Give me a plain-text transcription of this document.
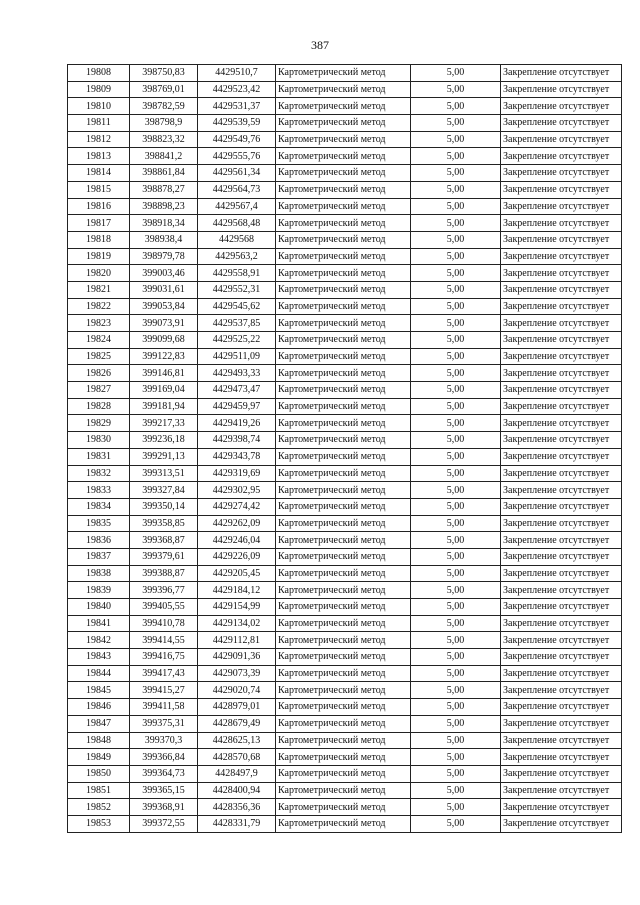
387
19808	398750,83	4429510,7	Картометрический метод	5,00	Закрепление отсутствует
19809	398769,01	4429523,42	Картометрический метод	5,00	Закрепление отсутствует
19810	398782,59	4429531,37	Картометрический метод	5,00	Закрепление отсутствует
19811	398798,9	4429539,59	Картометрический метод	5,00	Закрепление отсутствует
19812	398823,32	4429549,76	Картометрический метод	5,00	Закрепление отсутствует
19813	398841,2	4429555,76	Картометрический метод	5,00	Закрепление отсутствует
19814	398861,84	4429561,34	Картометрический метод	5,00	Закрепление отсутствует
19815	398878,27	4429564,73	Картометрический метод	5,00	Закрепление отсутствует
19816	398898,23	4429567,4	Картометрический метод	5,00	Закрепление отсутствует
19817	398918,34	4429568,48	Картометрический метод	5,00	Закрепление отсутствует
19818	398938,4	4429568	Картометрический метод	5,00	Закрепление отсутствует
19819	398979,78	4429563,2	Картометрический метод	5,00	Закрепление отсутствует
19820	399003,46	4429558,91	Картометрический метод	5,00	Закрепление отсутствует
19821	399031,61	4429552,31	Картометрический метод	5,00	Закрепление отсутствует
19822	399053,84	4429545,62	Картометрический метод	5,00	Закрепление отсутствует
19823	399073,91	4429537,85	Картометрический метод	5,00	Закрепление отсутствует
19824	399099,68	4429525,22	Картометрический метод	5,00	Закрепление отсутствует
19825	399122,83	4429511,09	Картометрический метод	5,00	Закрепление отсутствует
19826	399146,81	4429493,33	Картометрический метод	5,00	Закрепление отсутствует
19827	399169,04	4429473,47	Картометрический метод	5,00	Закрепление отсутствует
19828	399181,94	4429459,97	Картометрический метод	5,00	Закрепление отсутствует
19829	399217,33	4429419,26	Картометрический метод	5,00	Закрепление отсутствует
19830	399236,18	4429398,74	Картометрический метод	5,00	Закрепление отсутствует
19831	399291,13	4429343,78	Картометрический метод	5,00	Закрепление отсутствует
19832	399313,51	4429319,69	Картометрический метод	5,00	Закрепление отсутствует
19833	399327,84	4429302,95	Картометрический метод	5,00	Закрепление отсутствует
19834	399350,14	4429274,42	Картометрический метод	5,00	Закрепление отсутствует
19835	399358,85	4429262,09	Картометрический метод	5,00	Закрепление отсутствует
19836	399368,87	4429246,04	Картометрический метод	5,00	Закрепление отсутствует
19837	399379,61	4429226,09	Картометрический метод	5,00	Закрепление отсутствует
19838	399388,87	4429205,45	Картометрический метод	5,00	Закрепление отсутствует
19839	399396,77	4429184,12	Картометрический метод	5,00	Закрепление отсутствует
19840	399405,55	4429154,99	Картометрический метод	5,00	Закрепление отсутствует
19841	399410,78	4429134,02	Картометрический метод	5,00	Закрепление отсутствует
19842	399414,55	4429112,81	Картометрический метод	5,00	Закрепление отсутствует
19843	399416,75	4429091,36	Картометрический метод	5,00	Закрепление отсутствует
19844	399417,43	4429073,39	Картометрический метод	5,00	Закрепление отсутствует
19845	399415,27	4429020,74	Картометрический метод	5,00	Закрепление отсутствует
19846	399411,58	4428979,01	Картометрический метод	5,00	Закрепление отсутствует
19847	399375,31	4428679,49	Картометрический метод	5,00	Закрепление отсутствует
19848	399370,3	4428625,13	Картометрический метод	5,00	Закрепление отсутствует
19849	399366,84	4428570,68	Картометрический метод	5,00	Закрепление отсутствует
19850	399364,73	4428497,9	Картометрический метод	5,00	Закрепление отсутствует
19851	399365,15	4428400,94	Картометрический метод	5,00	Закрепление отсутствует
19852	399368,91	4428356,36	Картометрический метод	5,00	Закрепление отсутствует
19853	399372,55	4428331,79	Картометрический метод	5,00	Закрепление отсутствует
